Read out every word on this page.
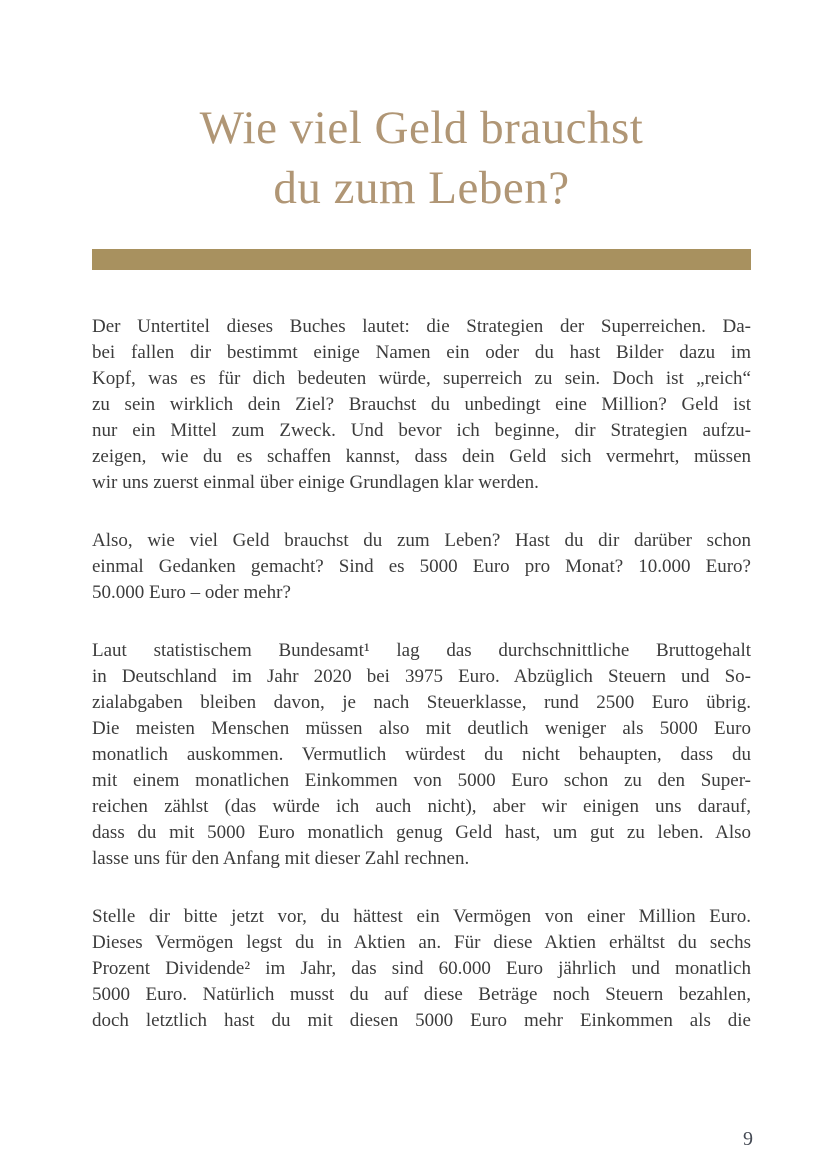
Wie viel Geld brauchst
du zum Leben?
Der Untertitel dieses Buches lautet: die Strategien der Superreichen. Da-
bei fallen dir bestimmt einige Namen ein oder du hast Bilder dazu im
Kopf, was es für dich bedeuten würde, superreich zu sein. Doch ist „reich“
zu sein wirklich dein Ziel? Brauchst du unbedingt eine Million? Geld ist
nur ein Mittel zum Zweck. Und bevor ich beginne, dir Strategien aufzu-
zeigen, wie du es schaffen kannst, dass dein Geld sich vermehrt, müssen
wir uns zuerst einmal über einige Grundlagen klar werden.
Also, wie viel Geld brauchst du zum Leben? Hast du dir darüber schon
einmal Gedanken gemacht? Sind es 5000 Euro pro Monat? 10.000 Euro?
50.000 Euro – oder mehr?
Laut statistischem Bundesamt¹ lag das durchschnittliche Bruttogehalt
in Deutschland im Jahr 2020 bei 3975 Euro. Abzüglich Steuern und So-
zialabgaben bleiben davon, je nach Steuerklasse, rund 2500 Euro übrig.
Die meisten Menschen müssen also mit deutlich weniger als 5000 Euro
monatlich auskommen. Vermutlich würdest du nicht behaupten, dass du
mit einem monatlichen Einkommen von 5000 Euro schon zu den Super-
reichen zählst (das würde ich auch nicht), aber wir einigen uns darauf,
dass du mit 5000 Euro monatlich genug Geld hast, um gut zu leben. Also
lasse uns für den Anfang mit dieser Zahl rechnen.
Stelle dir bitte jetzt vor, du hättest ein Vermögen von einer Million Euro.
Dieses Vermögen legst du in Aktien an. Für diese Aktien erhältst du sechs
Prozent Dividende² im Jahr, das sind 60.000 Euro jährlich und monatlich
5000 Euro. Natürlich musst du auf diese Beträge noch Steuern bezahlen,
doch letztlich hast du mit diesen 5000 Euro mehr Einkommen als die
9
